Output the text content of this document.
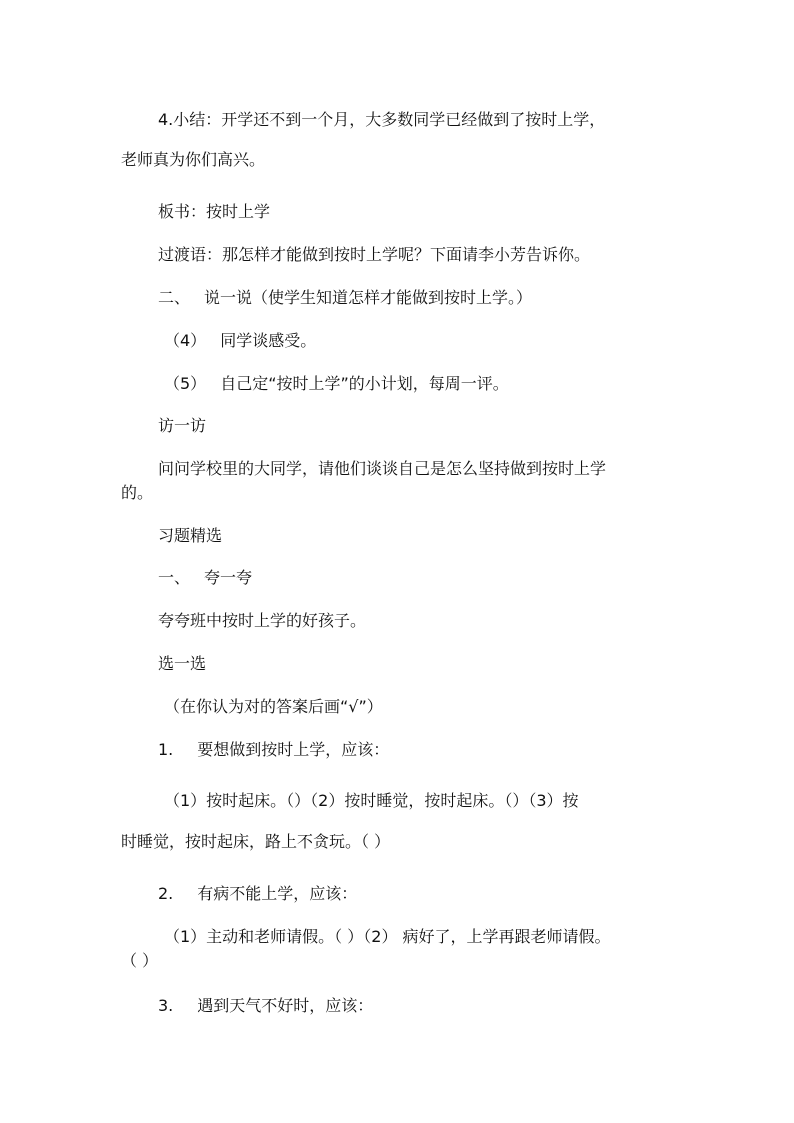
4.小结：开学还不到一个月，大多数同学已经做到了按时上学，
老师真为你们高兴。
板书：按时上学
过渡语：那怎样才能做到按时上学呢？下面请李小芳告诉你。
二、 说一说（使学生知道怎样才能做到按时上学。）
（4） 同学谈感受。
（5） 自己定“按时上学”的小计划，每周一评。
访一访
问问学校里的大同学，请他们谈谈自己是怎么坚持做到按时上学
的。
习题精选
一、 夸一夸
夸夸班中按时上学的好孩子。
选一选
（在你认为对的答案后画“√”）
1. 要想做到按时上学，应该：
（1）按时起床。（）（2）按时睡觉，按时起床。（）（3）按
时睡觉，按时起床，路上不贪玩。（ ）
2. 有病不能上学，应该：
（1）主动和老师请假。（ ）（2） 病好了，上学再跟老师请假。
（ ）
3. 遇到天气不好时，应该：
